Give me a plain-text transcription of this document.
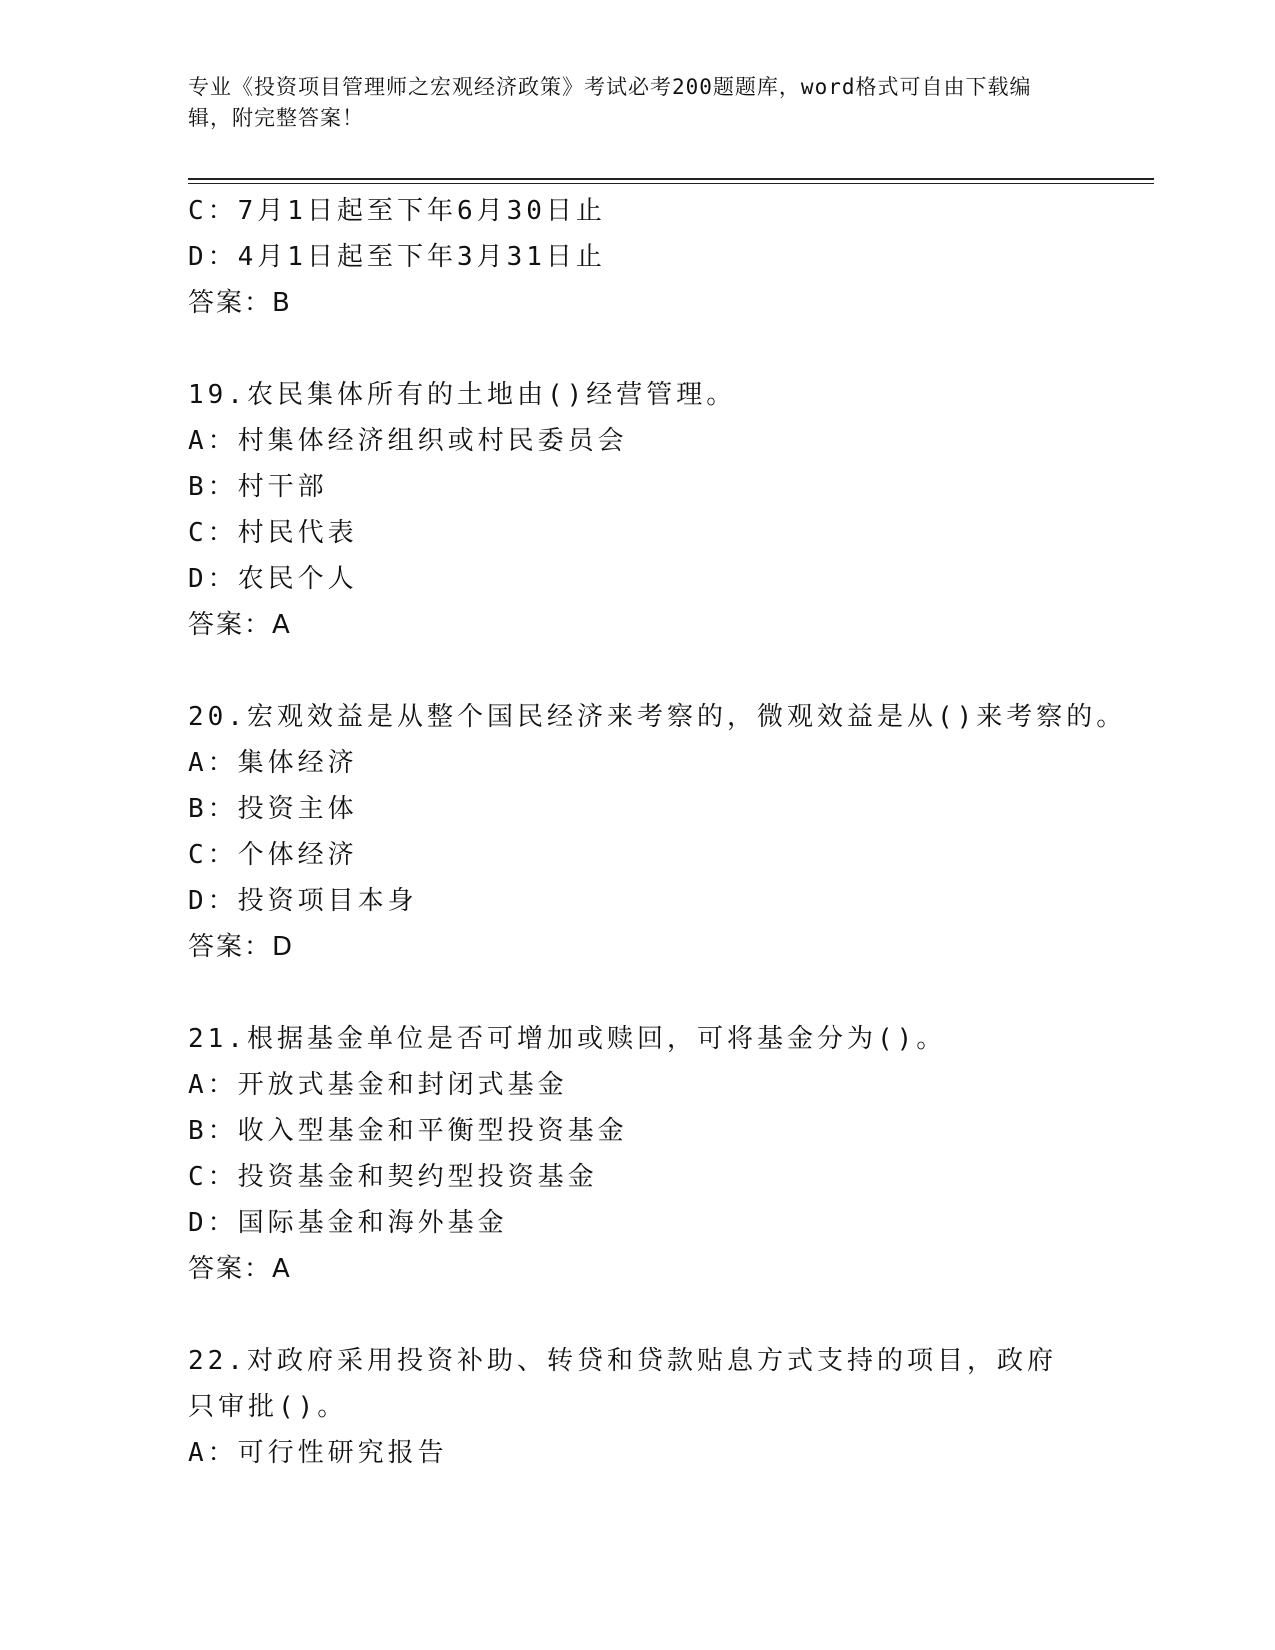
专业《投资项目管理师之宏观经济政策》考试必考200题题库，word格式可自由下载编辑，附完整答案！
C：7月1日起至下年6月30日止
D：4月1日起至下年3月31日止
答案：B
19.农民集体所有的土地由()经营管理。
A：村集体经济组织或村民委员会
B：村干部
C：村民代表
D：农民个人
答案：A
20.宏观效益是从整个国民经济来考察的，微观效益是从()来考察的。
A：集体经济
B：投资主体
C：个体经济
D：投资项目本身
答案：D
21.根据基金单位是否可增加或赎回，可将基金分为()。
A：开放式基金和封闭式基金
B：收入型基金和平衡型投资基金
C：投资基金和契约型投资基金
D：国际基金和海外基金
答案：A
22.对政府采用投资补助、转贷和贷款贴息方式支持的项目，政府只审批()。
A：可行性研究报告
